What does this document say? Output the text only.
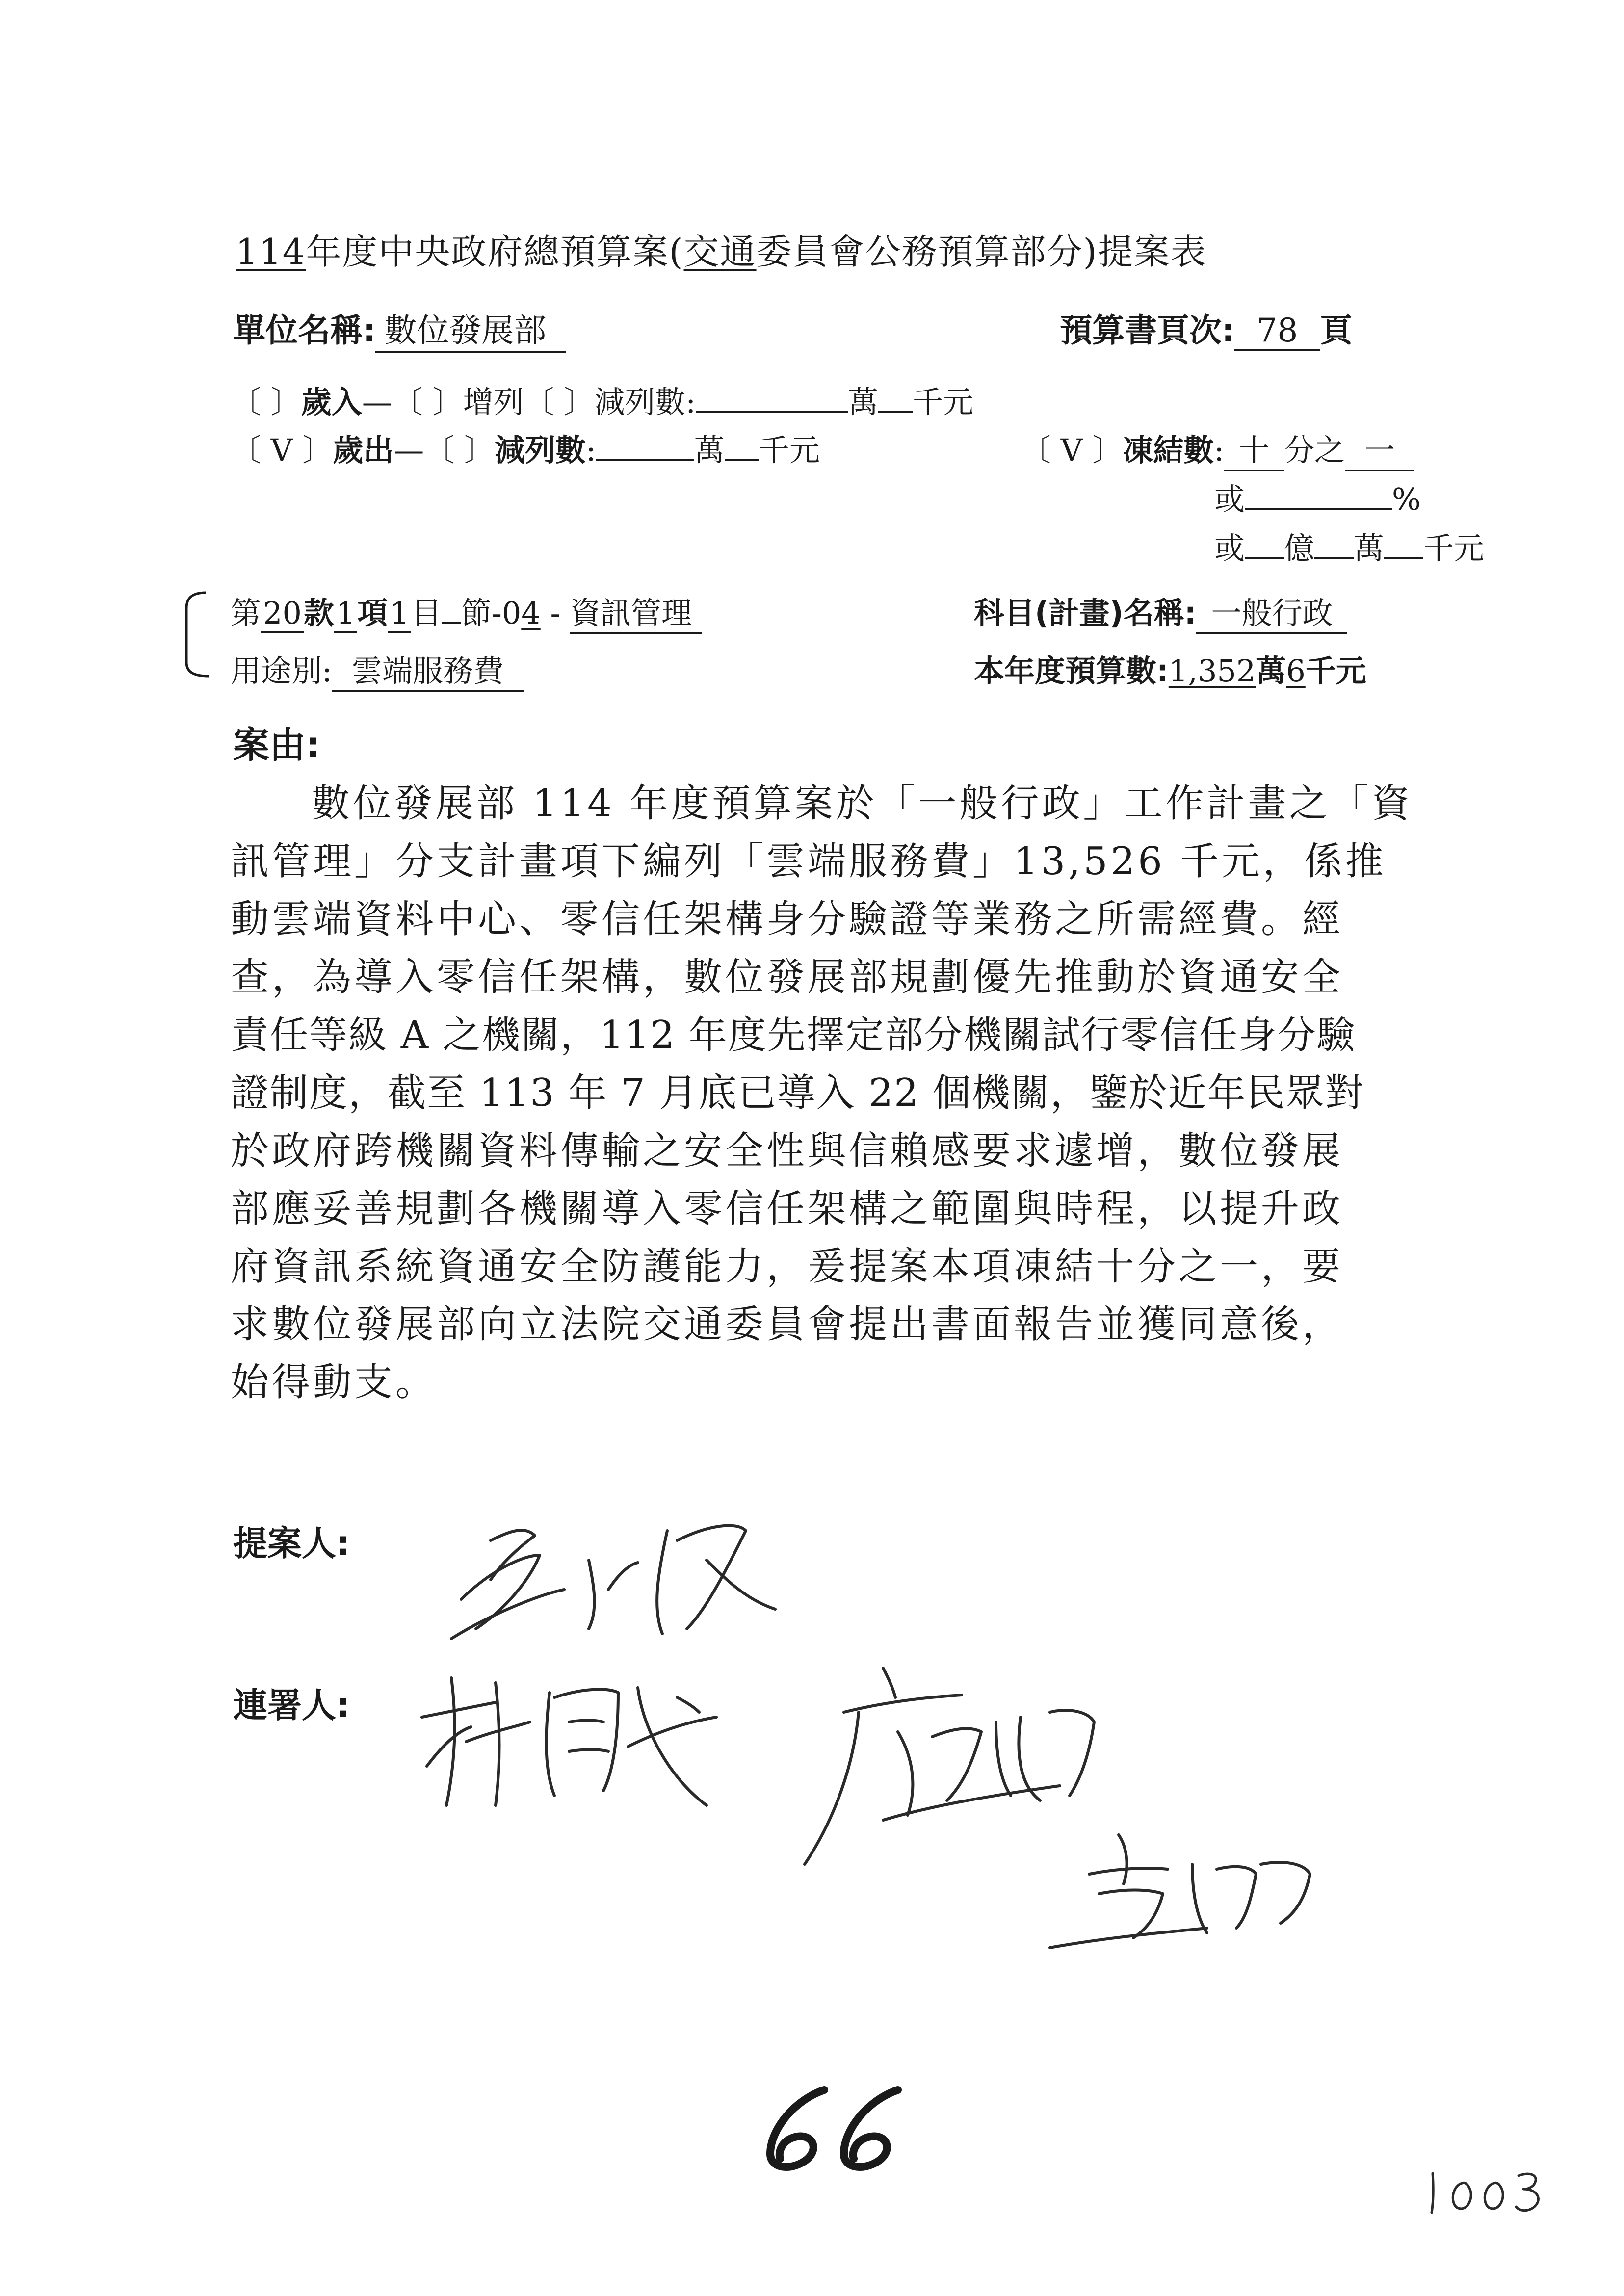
114年度中央政府總預算案(交通委員會公務預算部分)提案表
單位名稱: 數位發展部	預算書頁次: 78 頁
〔 〕歲入—〔 〕增列〔 〕減列數:	萬 千元
〔 V 〕歲出—〔 〕減列數:	萬 千元	〔 V 〕凍結數: 十 分之 一
或	%
或 億 萬 千元
第20款1項1目 節-04 - 資訊管理	科目(計畫)名稱: 一般行政
用途別: 雲端服務費	本年度預算數:1,352萬6千元
案由:
數位發展部 114 年度預算案於「一般行政」工作計畫之「資
訊管理」分支計畫項下編列「雲端服務費」13,526 千元，係推
動雲端資料中心、零信任架構身分驗證等業務之所需經費。經
查，為導入零信任架構，數位發展部規劃優先推動於資通安全
責任等級 A 之機關，112 年度先擇定部分機關試行零信任身分驗
證制度，截至 113 年 7 月底已導入 22 個機關，鑒於近年民眾對
於政府跨機關資料傳輸之安全性與信賴感要求遽增，數位發展
部應妥善規劃各機關導入零信任架構之範圍與時程，以提升政
府資訊系統資通安全防護能力，爰提案本項凍結十分之一，要
求數位發展部向立法院交通委員會提出書面報告並獲同意後，
始得動支。
提案人:
連署人:
